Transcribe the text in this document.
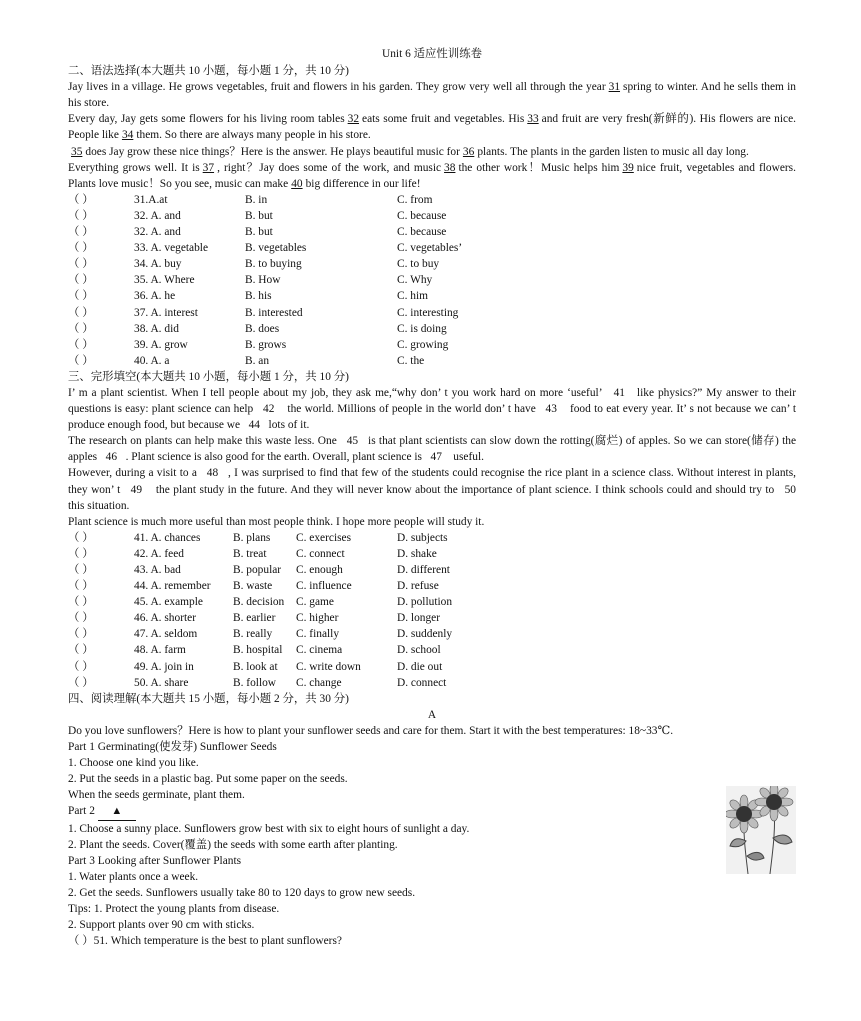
Unit 6 适应性训练卷
二、语法选择(本大题共 10 小题，每小题 1 分，共 10 分)
Jay lives in a village. He grows vegetables, fruit and flowers in his garden. They grow very well all through the year 31 spring to winter. And he sells them in his store.
Every day, Jay gets some flowers for his living room tables 32 eats some fruit and vegetables. His 33 and fruit are very fresh(新鲜的). His flowers are nice. People like 34 them. So there are always many people in his store.
35 does Jay grow these nice things？Here is the answer. He plays beautiful music for 36 plants. The plants in the garden listen to music all day long.
Everything grows well. It is 37 , right？Jay does some of the work, and music 38 the other work！Music helps him 39 nice fruit, vegetables and flowers. Plants love music！So you see, music can make 40 big difference in our life!
（ ）	31.A.at	B. in	C. from
（ ）	32. A. and	B. but	C. because
（ ）	32. A. and	B. but	C. because
（ ）	33. A. vegetable	B. vegetables	C. vegetables’
（ ）	34. A. buy	B. to buying	C. to buy
（ ）	35. A. Where	B. How	C. Why
（ ）	36. A. he	B. his	C. him
（ ）	37. A. interest	B. interested	C. interesting
（ ）	38. A. did	B. does	C. is doing
（ ）	39. A. grow	B. grows	C. growing
（ ）	40. A. a	B. an	C. the
三、完形填空(本大题共 10 小题，每小题 1 分，共 10 分)
I’ m a plant scientist. When I tell people about my job, they ask me,“why don’ t you work hard on more ‘useful’   41   like physics?” My answer to their questions is easy: plant science can help   42    the world. Millions of people in the world don’ t have   43    food to eat every year. It’ s not because we can’ t produce enough food, but because we   44   lots of it.
The research on plants can help make this waste less. One   45   is that plant scientists can slow down the rotting(腐烂) of apples. So we can store(储存) the apples   46   . Plant science is also good for the earth. Overall, plant science is   47    useful.
However, during a visit to a   48   , I was surprised to find that few of the students could recognise the rice plant in a science class. Without interest in plants, they won’ t   49    the plant study in the future. And they will never know about the importance of plant science. I think schools could and should try to   50    this situation.
Plant science is much more useful than most people think. I hope more people will study it.
（ ）	41. A. chances	B. plans	C. exercises	D. subjects
（ ）	42. A. feed	B. treat	C. connect	D. shake
（ ）	43. A. bad	B. popular	C. enough	D. different
（ ）	44. A. remember	B. waste	C. influence	D. refuse
（ ）	45. A. example	B. decision	C. game	D. pollution
（ ）	46. A. shorter	B. earlier	C. higher	D. longer
（ ）	47. A. seldom	B. really	C. finally	D. suddenly
（ ）	48. A. farm	B. hospital	C. cinema	D. school
（ ）	49. A. join in	B. look at	C. write down	D. die out
（ ）	50. A. share	B. follow	C. change	D. connect
四、阅读理解(本大题共 15 小题，每小题 2 分，共 30 分)
A
Do you love sunflowers？Here is how to plant your sunflower seeds and care for them. Start it with the best temperatures: 18~33℃.
Part 1 Germinating(使发芽) Sunflower Seeds
1. Choose one kind you like.
2. Put the seeds in a plastic bag. Put some paper on the seeds.
When the seeds germinate, plant them.
Part 2 ▲
1. Choose a sunny place. Sunflowers grow best with six to eight hours of sunlight a day.
2. Plant the seeds. Cover(覆盖) the seeds with some earth after planting.
Part 3 Looking after Sunflower Plants
1. Water plants once a week.
2. Get the seeds. Sunflowers usually take 80 to 120 days to grow new seeds.
Tips: 1. Protect the young plants from disease.
2. Support plants over 90 cm with sticks.
（ ）51. Which temperature is the best to plant sunflowers?
